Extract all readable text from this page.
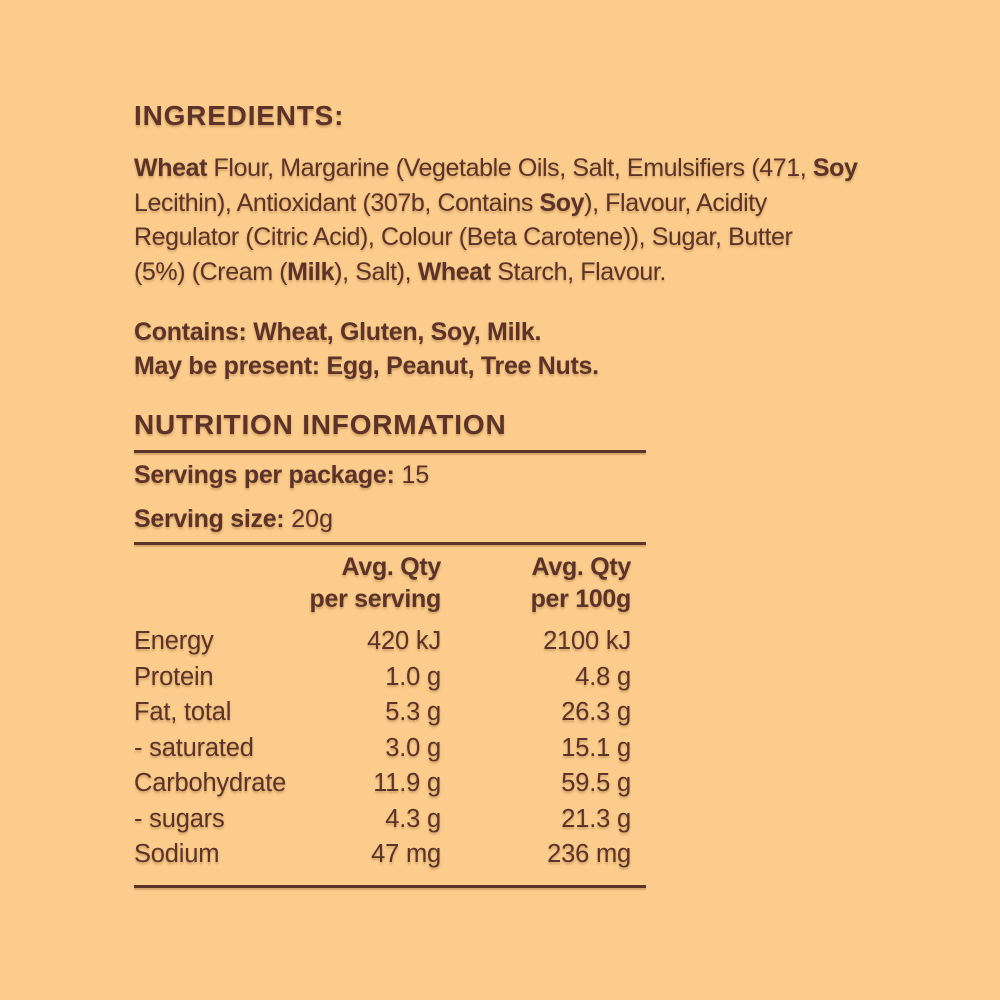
INGREDIENTS:
Wheat Flour, Margarine (Vegetable Oils, Salt, Emulsifiers (471, Soy
Lecithin), Antioxidant (307b, Contains Soy), Flavour, Acidity
Regulator (Citric Acid), Colour (Beta Carotene)), Sugar, Butter
(5%) (Cream (Milk), Salt), Wheat Starch, Flavour.
Contains: Wheat, Gluten, Soy, Milk.
May be present: Egg, Peanut, Tree Nuts.
NUTRITION INFORMATION
Servings per package: 15
Serving size: 20g
Avg. Qty	Avg. Qty
per serving	per 100g
Energy	420 kJ	2100 kJ
Protein	1.0 g	4.8 g
Fat, total	5.3 g	26.3 g
- saturated	3.0 g	15.1 g
Carbohydrate	11.9 g	59.5 g
- sugars	4.3 g	21.3 g
Sodium	47 mg	236 mg
